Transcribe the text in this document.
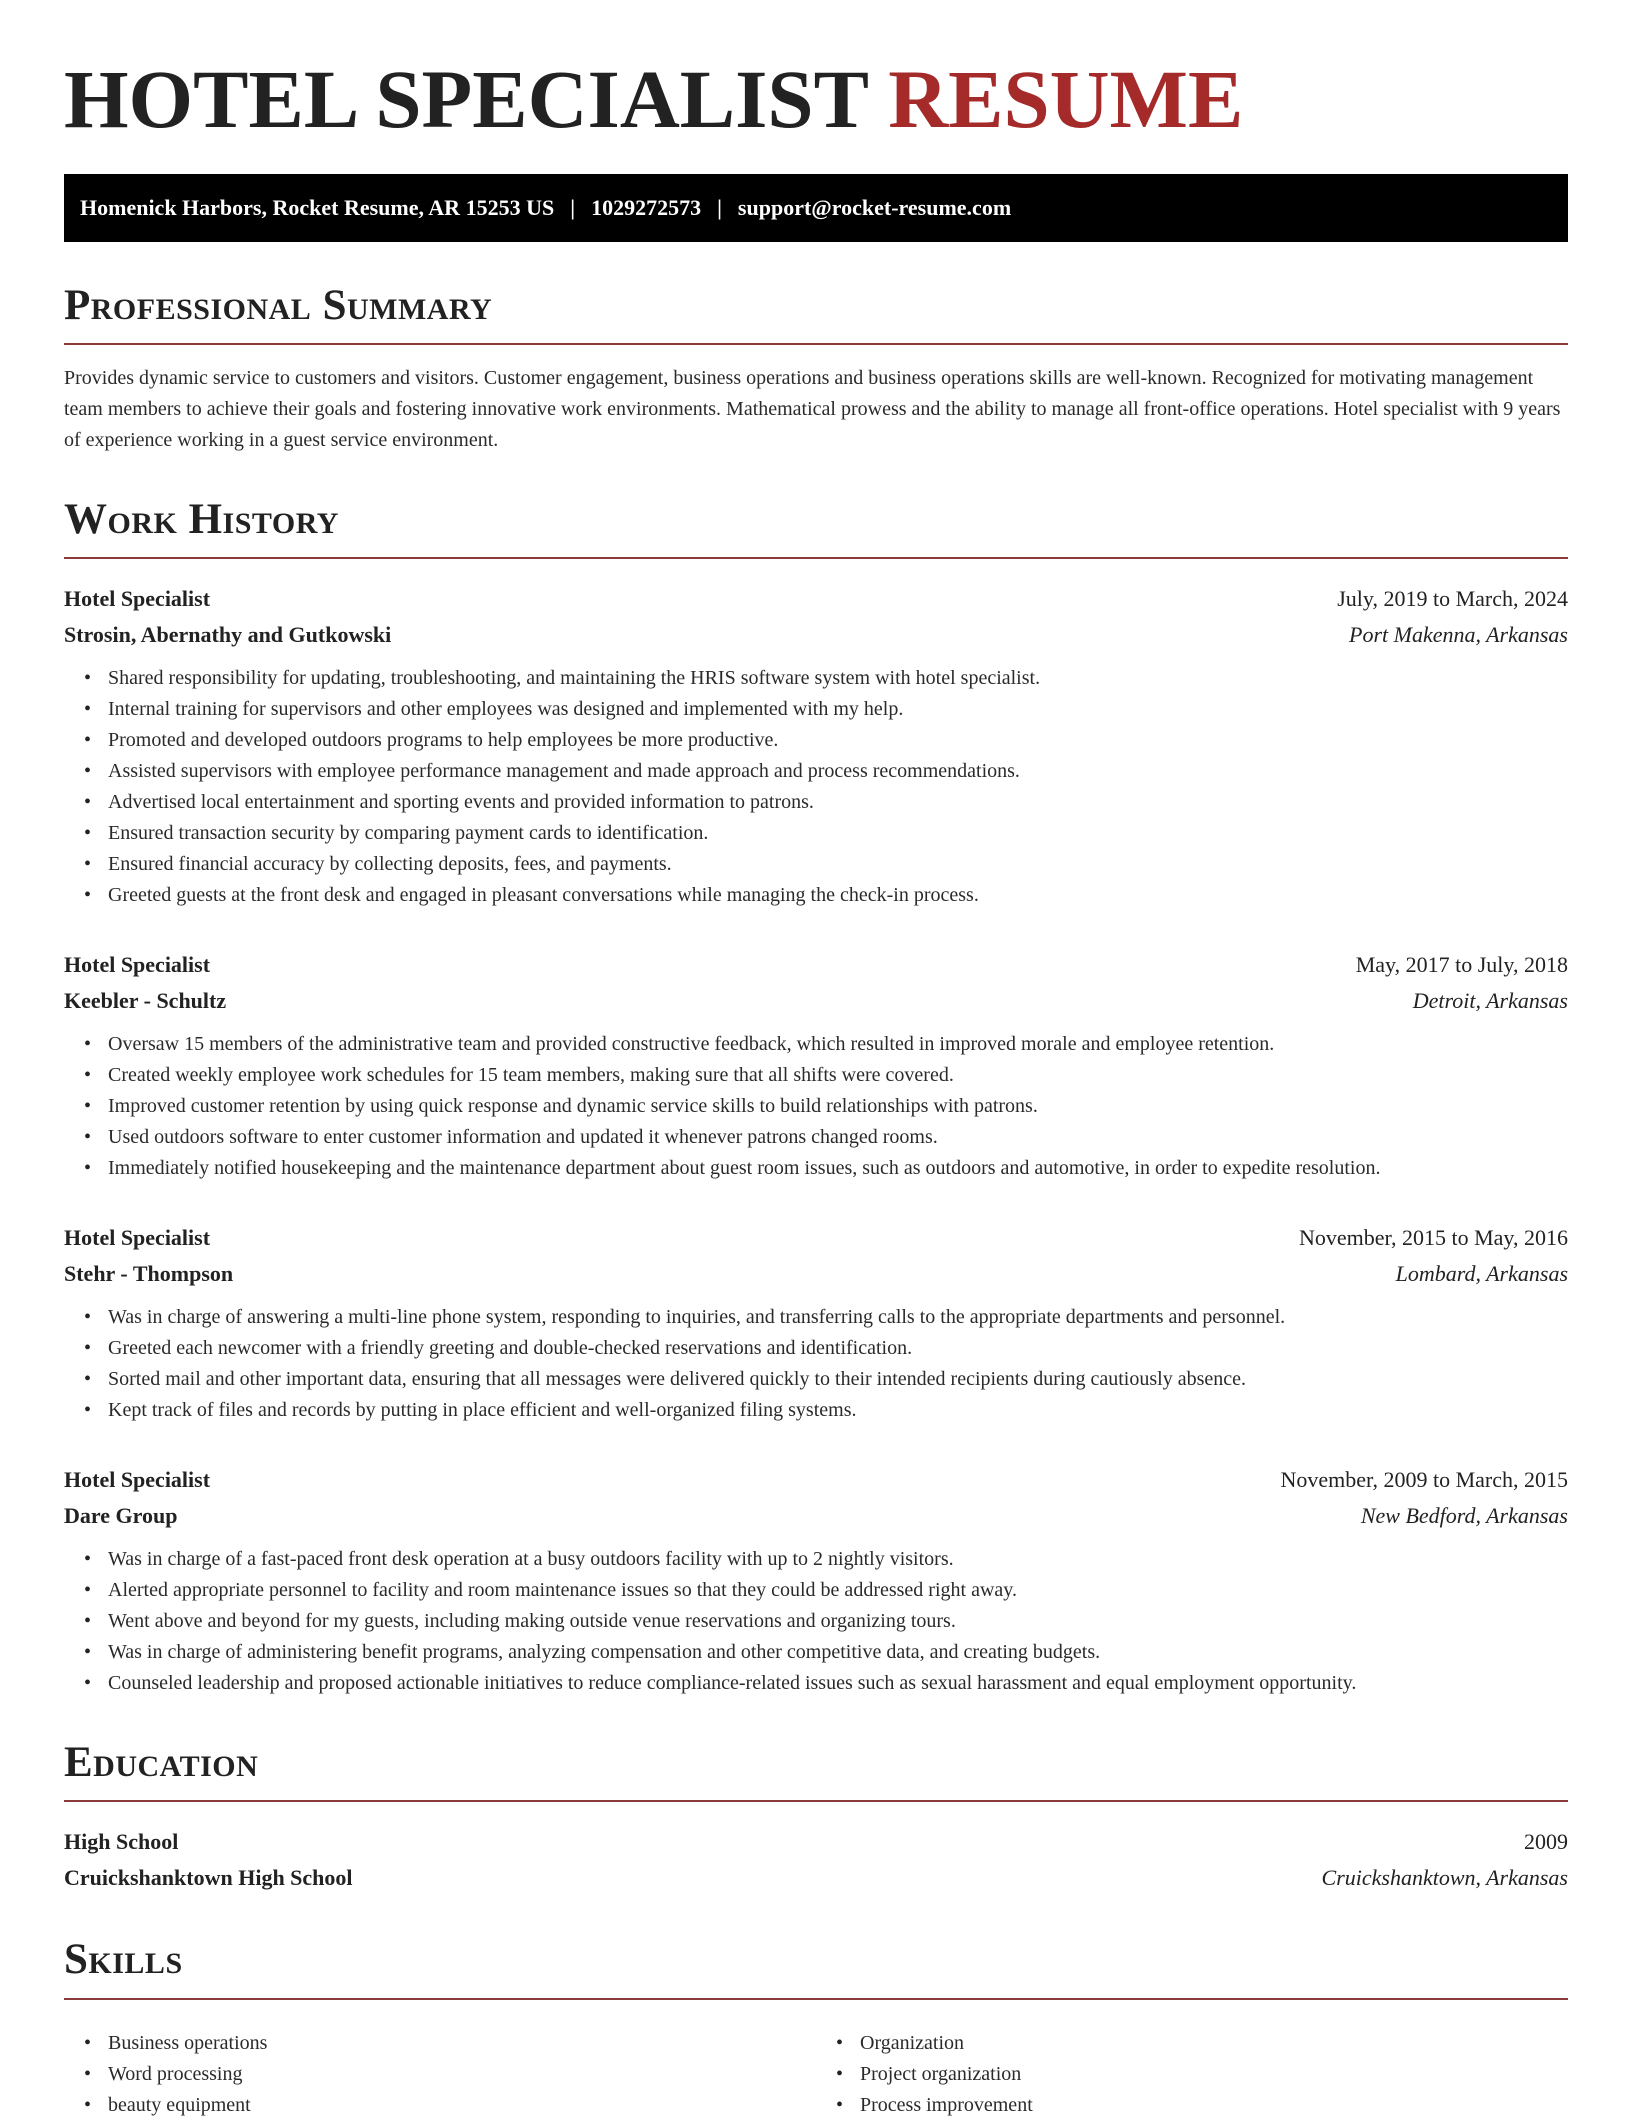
HOTEL SPECIALIST RESUME
Homenick Harbors, Rocket Resume, AR 15253 US | 1029272573 | support@rocket-resume.com
Professional Summary

Provides dynamic service to customers and visitors. Customer engagement, business operations and business operations skills are well-known. Recognized for motivating management team members to achieve their goals and fostering innovative work environments. Mathematical prowess and the ability to manage all front-office operations. Hotel specialist with 9 years of experience working in a guest service environment.

Work History
Hotel Specialist	July, 2019 to March, 2024
Strosin, Abernathy and Gutkowski	Port Makenna, Arkansas
• Shared responsibility for updating, troubleshooting, and maintaining the HRIS software system with hotel specialist.
• Internal training for supervisors and other employees was designed and implemented with my help.
• Promoted and developed outdoors programs to help employees be more productive.
• Assisted supervisors with employee performance management and made approach and process recommendations.
• Advertised local entertainment and sporting events and provided information to patrons.
• Ensured transaction security by comparing payment cards to identification.
• Ensured financial accuracy by collecting deposits, fees, and payments.
• Greeted guests at the front desk and engaged in pleasant conversations while managing the check-in process.
Hotel Specialist	May, 2017 to July, 2018
Keebler - Schultz	Detroit, Arkansas
• Oversaw 15 members of the administrative team and provided constructive feedback, which resulted in improved morale and employee retention.
• Created weekly employee work schedules for 15 team members, making sure that all shifts were covered.
• Improved customer retention by using quick response and dynamic service skills to build relationships with patrons.
• Used outdoors software to enter customer information and updated it whenever patrons changed rooms.
• Immediately notified housekeeping and the maintenance department about guest room issues, such as outdoors and automotive, in order to expedite resolution.
Hotel Specialist	November, 2015 to May, 2016
Stehr - Thompson	Lombard, Arkansas
• Was in charge of answering a multi-line phone system, responding to inquiries, and transferring calls to the appropriate departments and personnel.
• Greeted each newcomer with a friendly greeting and double-checked reservations and identification.
• Sorted mail and other important data, ensuring that all messages were delivered quickly to their intended recipients during cautiously absence.
• Kept track of files and records by putting in place efficient and well-organized filing systems.
Hotel Specialist	November, 2009 to March, 2015
Dare Group	New Bedford, Arkansas
• Was in charge of a fast-paced front desk operation at a busy outdoors facility with up to 2 nightly visitors.
• Alerted appropriate personnel to facility and room maintenance issues so that they could be addressed right away.
• Went above and beyond for my guests, including making outside venue reservations and organizing tours.
• Was in charge of administering benefit programs, analyzing compensation and other competitive data, and creating budgets.
• Counseled leadership and proposed actionable initiatives to reduce compliance-related issues such as sexual harassment and equal employment opportunity.
Education
High School	2009
Cruickshanktown High School	Cruickshanktown, Arkansas
Skills
• Business operations
• Word processing
• beauty equipment
• Organization
• Project organization
• Process improvement
